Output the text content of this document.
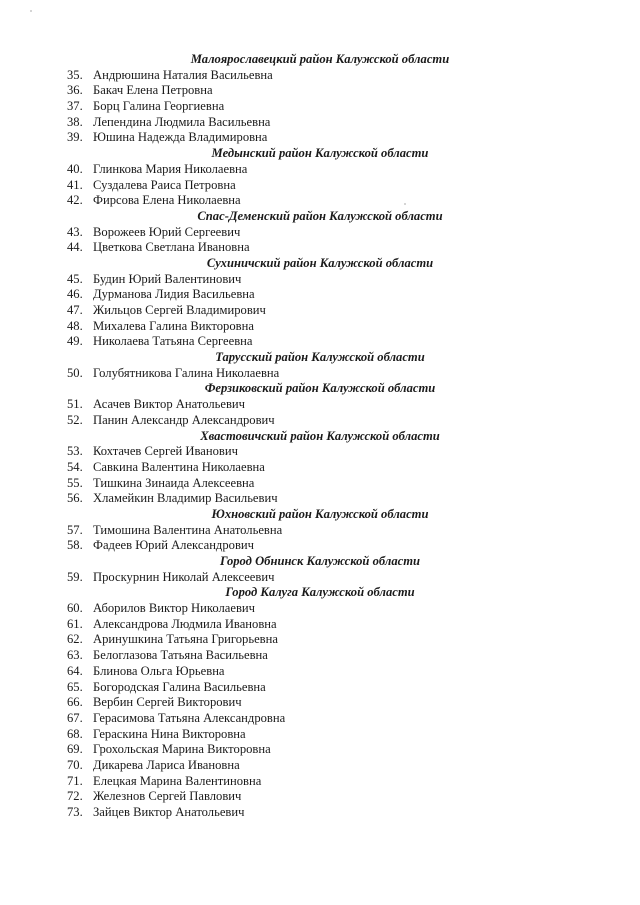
Малоярославецкий район Калужской области
35. Андрюшина Наталия Васильевна
36. Бакач Елена Петровна
37. Борц Галина Георгиевна
38. Лепендина Людмила Васильевна
39. Юшина Надежда Владимировна
Медынский район Калужской области
40. Глинкова Мария Николаевна
41. Суздалева Раиса Петровна
42. Фирсова Елена Николаевна
Спас-Деменский район Калужской области
43. Ворожеев Юрий Сергеевич
44. Цветкова Светлана Ивановна
Сухиничский район Калужской области
45. Будин Юрий Валентинович
46. Дурманова Лидия Васильевна
47. Жильцов Сергей Владимирович
48. Михалева Галина Викторовна
49. Николаева Татьяна Сергеевна
Тарусский район Калужской области
50. Голубятникова Галина Николаевна
Ферзиковский район Калужской области
51. Асачев Виктор Анатольевич
52. Панин Александр Александрович
Хвастовичский район Калужской области
53. Кохтачев Сергей Иванович
54. Савкина Валентина Николаевна
55. Тишкина Зинаида Алексеевна
56. Хламейкин Владимир Васильевич
Юхновский район Калужской области
57. Тимошина Валентина Анатольевна
58. Фадеев Юрий Александрович
Город Обнинск Калужской области
59. Проскурнин Николай Алексеевич
Город Калуга Калужской области
60. Аборилов Виктор Николаевич
61. Александрова Людмила Ивановна
62. Аринушкина Татьяна Григорьевна
63. Белоглазова Татьяна Васильевна
64. Блинова Ольга Юрьевна
65. Богородская Галина Васильевна
66. Вербин Сергей Викторович
67. Герасимова Татьяна Александровна
68. Гераскина Нина Викторовна
69. Грохольская Марина Викторовна
70. Дикарева Лариса Ивановна
71. Елецкая Марина Валентиновна
72. Железнов Сергей Павлович
73. Зайцев Виктор Анатольевич
